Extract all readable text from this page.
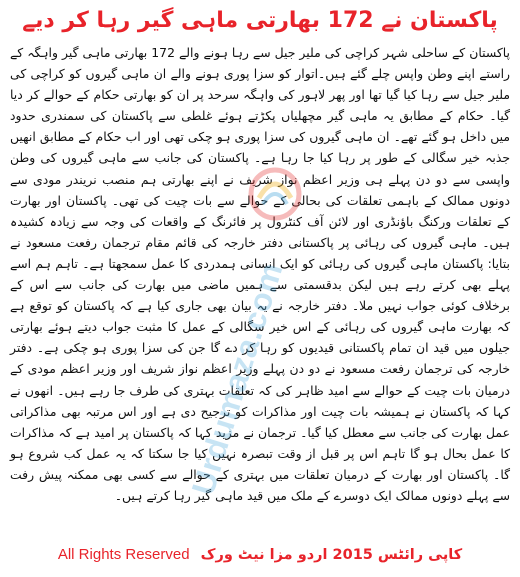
پاکستان نے 172 بھارتی ماہی گیر رہا کر دیے

پاکستان کے ساحلی شہر کراچی کی ملیر جیل سے رہا ہونے والے 172 بھارتی ماہی گیر واہگہ کے راستے اپنے وطن واپس چلے گئے ہیں۔اتوار کو سزا پوری ہونے والے ان ماہی گیروں کو کراچی کی ملیر جیل سے رہا کیا گیا تھا اور پھر لاہور کی واہگہ سرحد پر ان کو بھارتی حکام کے حوالے کر دیا گیا۔ حکام کے مطابق یہ ماہی گیر مچھلیاں پکڑتے ہوئے غلطی سے پاکستان کی سمندری حدود میں داخل ہو گئے تھے۔ ان ماہی گیروں کی سزا پوری ہو چکی تھی اور اب حکام کے مطابق انھیں جذبہ خیر سگالی کے طور پر رہا کیا جا رہا ہے۔ پاکستان کی جانب سے ماہی گیروں کی وطن واپسی سے دو دن پہلے ہی وزیر اعظم نواز شریف نے اپنے بھارتی ہم منصب نریندر مودی سے دونوں ممالک کے باہمی تعلقات کی بحالی کے حوالے سے بات چیت کی تھی۔ پاکستان اور بھارت کے تعلقات ورکنگ باؤنڈری اور لائن آف کنٹرول پر فائرنگ کے واقعات کی وجہ سے زیادہ کشیدہ ہیں۔ ماہی گیروں کی رہائی پر پاکستانی دفتر خارجہ کی قائم مقام ترجمان رفعت مسعود نے بتایا: پاکستان ماہی گیروں کی رہائی کو ایک انسانی ہمدردی کا عمل سمجھتا ہے۔ تاہم ہم اسے پہلے بھی کرتے رہے ہیں لیکن بدقسمتی سے ہمیں ماضی میں بھارت کی جانب سے اس کے برخلاف کوئی جواب نہیں ملا۔ دفتر خارجہ نے یہ بیان بھی جاری کیا ہے کہ پاکستان کو توقع ہے کہ بھارت ماہی گیروں کی رہائی کے اس خیر سگالی کے عمل کا مثبت جواب دیتے ہوئے بھارتی جیلوں میں قید ان تمام پاکستانی قیدیوں کو رہا کر دے گا جن کی سزا پوری ہو چکی ہے۔ دفتر خارجہ کی ترجمان رفعت مسعود نے دو دن پہلے وزیر اعظم نواز شریف اور وزیر اعظم مودی کے درمیان بات چیت کے حوالے سے امید ظاہر کی کہ تعلقات بہتری کی طرف جا رہے ہیں۔ انھوں نے کہا کہ پاکستان نے ہمیشہ بات چیت اور مذاکرات کو ترجیح دی ہے اور اس مرتبہ بھی مذاکراتی عمل بھارت کی جانب سے معطل کیا گیا۔ ترجمان نے مزید کہا کہ پاکستان پر امید ہے کہ مذاکرات کا عمل بحال ہو گا تاہم اس پر قبل از وقت تبصرہ نہیں کیا جا سکتا کہ یہ عمل کب شروع ہو گا۔ پاکستان اور بھارت کے درمیان تعلقات میں بہتری کے حوالے سے کسی بھی ممکنہ پیش رفت سے پہلے دونوں ممالک ایک دوسرے کے ملک میں قید ماہی گیر رہا کرتے ہیں۔

Urdumaza.com
All Rights Reserved کاپی رائٹس 2015 اردو مزا نیٹ ورک
